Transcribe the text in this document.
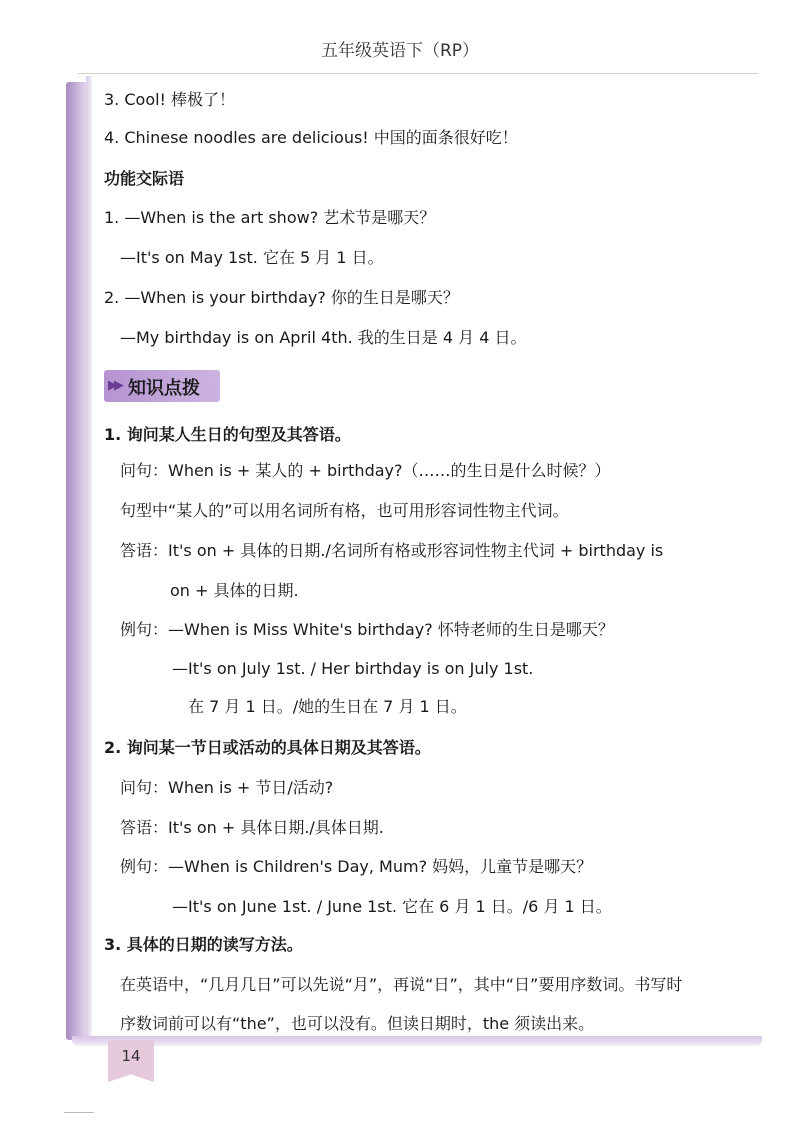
五年级英语下（RP）
3. Cool! 棒极了！
4. Chinese noodles are delicious! 中国的面条很好吃！
功能交际语
1. —When is the art show? 艺术节是哪天？
—It's on May 1st. 它在 5 月 1 日。
2. —When is your birthday? 你的生日是哪天？
—My birthday is on April 4th. 我的生日是 4 月 4 日。
▶▶ 知识点拨
1. 询问某人生日的句型及其答语。
问句：When is + 某人的 + birthday?（……的生日是什么时候？）
句型中“某人的”可以用名词所有格，也可用形容词性物主代词。
答语：It's on + 具体的日期./名词所有格或形容词性物主代词 + birthday is
on + 具体的日期.
例句：—When is Miss White's birthday? 怀特老师的生日是哪天？
—It's on July 1st. / Her birthday is on July 1st.
在 7 月 1 日。/她的生日在 7 月 1 日。
2. 询问某一节日或活动的具体日期及其答语。
问句：When is + 节日/活动?
答语：It's on + 具体日期./具体日期.
例句：—When is Children's Day, Mum? 妈妈，儿童节是哪天？
—It's on June 1st. / June 1st. 它在 6 月 1 日。/6 月 1 日。
3. 具体的日期的读写方法。
在英语中，“几月几日”可以先说“月”，再说“日”，其中“日”要用序数词。书写时
序数词前可以有“the”，也可以没有。但读日期时，the 须读出来。
14
